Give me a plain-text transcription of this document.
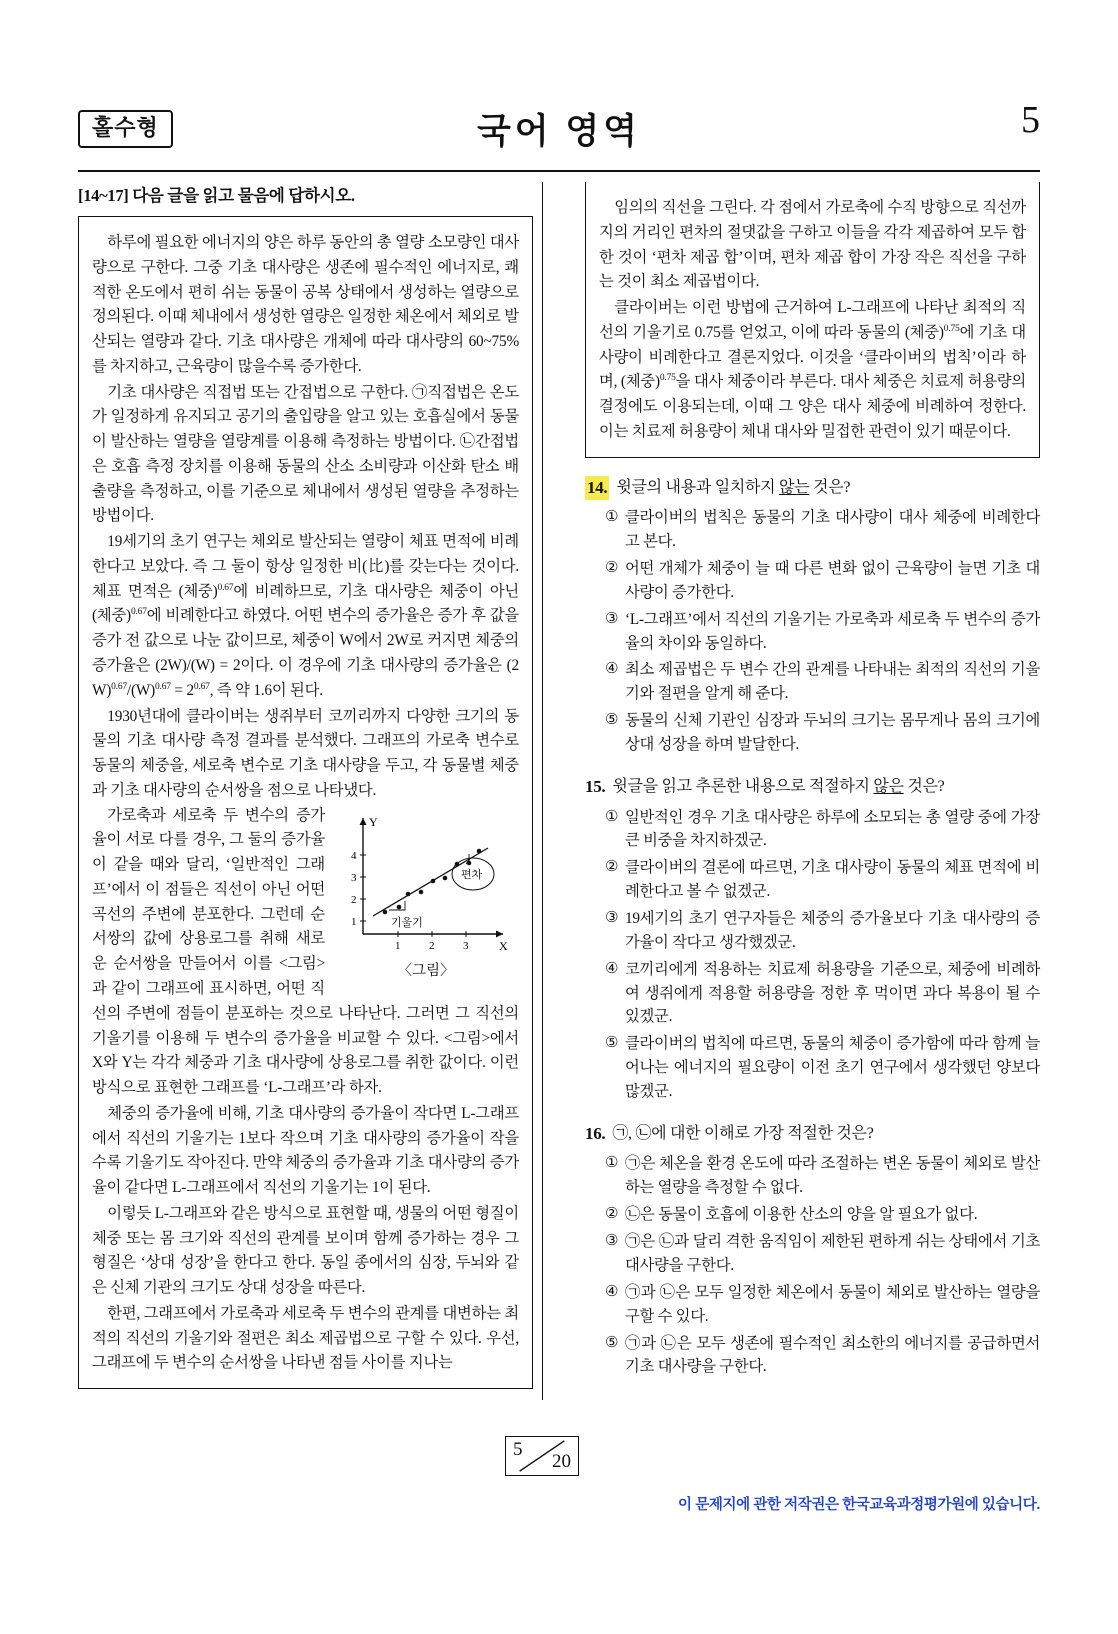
홀수형	국어 영역	5
[14~17] 다음 글을 읽고 물음에 답하시오.

하루에 필요한 에너지의 양은 하루 동안의 총 열량 소모량인 대사량으로 구한다. 그중 기초 대사량은 생존에 필수적인 에너지로, 쾌적한 온도에서 편히 쉬는 동물이 공복 상태에서 생성하는 열량으로 정의된다. 이때 체내에서 생성한 열량은 일정한 체온에서 체외로 발산되는 열량과 같다. 기초 대사량은 개체에 따라 대사량의 60~75%를 차지하고, 근육량이 많을수록 증가한다.

기초 대사량은 직접법 또는 간접법으로 구한다. ㉠직접법은 온도가 일정하게 유지되고 공기의 출입량을 알고 있는 호흡실에서 동물이 발산하는 열량을 열량계를 이용해 측정하는 방법이다. ㉡간접법은 호흡 측정 장치를 이용해 동물의 산소 소비량과 이산화 탄소 배출량을 측정하고, 이를 기준으로 체내에서 생성된 열량을 추정하는 방법이다.

19세기의 초기 연구는 체외로 발산되는 열량이 체표 면적에 비례한다고 보았다. 즉 그 둘이 항상 일정한 비(比)를 갖는다는 것이다. 체표 면적은 (체중)$^{0.67}$에 비례하므로, 기초 대사량은 체중이 아닌 (체중)$^{0.67}$에 비례한다고 하였다. 어떤 변수의 증가율은 증가 후 값을 증가 전 값으로 나눈 값이므로, 체중이 W에서 2W로 커지면 체중의 증가율은 (2W)/(W) = 2이다. 이 경우에 기초 대사량의 증가율은 $(2W)^{0.67}/(W)^{0.67} = 2^{0.67}$, 즉 약 1.6이 된다.

1930년대에 클라이버는 생쥐부터 코끼리까지 다양한 크기의 동물의 기초 대사량 측정 결과를 분석했다. 그래프의 가로축 변수로 동물의 체중을, 세로축 변수로 기초 대사량을 두고, 각 동물별 체중과 기초 대사량의 순서쌍을 점으로 나타냈다.

Y
X
1
2
3
4
1	2	3
편차
기울기
〈그림〉

가로축과 세로축 두 변수의 증가율이 서로 다를 경우, 그 둘의 증가율이 같을 때와 달리, ‘일반적인 그래프’에서 이 점들은 직선이 아닌 어떤 곡선의 주변에 분포한다. 그런데 순서쌍의 값에 상용로그를 취해 새로운 순서쌍을 만들어서 이를 <그림>과 같이 그래프에 표시하면, 어떤 직선의 주변에 점들이 분포하는 것으로 나타난다. 그러면 그 직선의 기울기를 이용해 두 변수의 증가율을 비교할 수 있다. <그림>에서 X와 Y는 각각 체중과 기초 대사량에 상용로그를 취한 값이다. 이런 방식으로 표현한 그래프를 ‘L-그래프’라 하자.

체중의 증가율에 비해, 기초 대사량의 증가율이 작다면 L-그래프에서 직선의 기울기는 1보다 작으며 기초 대사량의 증가율이 작을수록 기울기도 작아진다. 만약 체중의 증가율과 기초 대사량의 증가율이 같다면 L-그래프에서 직선의 기울기는 1이 된다.

이렇듯 L-그래프와 같은 방식으로 표현할 때, 생물의 어떤 형질이 체중 또는 몸 크기와 직선의 관계를 보이며 함께 증가하는 경우 그 형질은 ‘상대 성장’을 한다고 한다. 동일 종에서의 심장, 두뇌와 같은 신체 기관의 크기도 상대 성장을 따른다.

한편, 그래프에서 가로축과 세로축 두 변수의 관계를 대변하는 최적의 직선의 기울기와 절편은 최소 제곱법으로 구할 수 있다. 우선, 그래프에 두 변수의 순서쌍을 나타낸 점들 사이를 지나는

임의의 직선을 그린다. 각 점에서 가로축에 수직 방향으로 직선까지의 거리인 편차의 절댓값을 구하고 이들을 각각 제곱하여 모두 합한 것이 ‘편차 제곱 합’이며, 편차 제곱 합이 가장 작은 직선을 구하는 것이 최소 제곱법이다.

클라이버는 이런 방법에 근거하여 L-그래프에 나타난 최적의 직선의 기울기로 0.75를 얻었고, 이에 따라 동물의 (체중)$^{0.75}$에 기초 대사량이 비례한다고 결론지었다. 이것을 ‘클라이버의 법칙’이라 하며, (체중)$^{0.75}$을 대사 체중이라 부른다. 대사 체중은 치료제 허용량의 결정에도 이용되는데, 이때 그 양은 대사 체중에 비례하여 정한다. 이는 치료제 허용량이 체내 대사와 밀접한 관련이 있기 때문이다.

14. 윗글의 내용과 일치하지 않는 것은?
① 클라이버의 법칙은 동물의 기초 대사량이 대사 체중에 비례한다고 본다.
② 어떤 개체가 체중이 늘 때 다른 변화 없이 근육량이 늘면 기초 대사량이 증가한다.
③ ‘L-그래프’에서 직선의 기울기는 가로축과 세로축 두 변수의 증가율의 차이와 동일하다.
④ 최소 제곱법은 두 변수 간의 관계를 나타내는 최적의 직선의 기울기와 절편을 알게 해 준다.
⑤ 동물의 신체 기관인 심장과 두뇌의 크기는 몸무게나 몸의 크기에 상대 성장을 하며 발달한다.
15. 윗글을 읽고 추론한 내용으로 적절하지 않은 것은?
① 일반적인 경우 기초 대사량은 하루에 소모되는 총 열량 중에 가장 큰 비중을 차지하겠군.
② 클라이버의 결론에 따르면, 기초 대사량이 동물의 체표 면적에 비례한다고 볼 수 없겠군.
③ 19세기의 초기 연구자들은 체중의 증가율보다 기초 대사량의 증가율이 작다고 생각했겠군.
④ 코끼리에게 적용하는 치료제 허용량을 기준으로, 체중에 비례하여 생쥐에게 적용할 허용량을 정한 후 먹이면 과다 복용이 될 수 있겠군.
⑤ 클라이버의 법칙에 따르면, 동물의 체중이 증가함에 따라 함께 늘어나는 에너지의 필요량이 이전 초기 연구에서 생각했던 양보다 많겠군.
16. ㉠, ㉡에 대한 이해로 가장 적절한 것은?
① ㉠은 체온을 환경 온도에 따라 조절하는 변온 동물이 체외로 발산하는 열량을 측정할 수 없다.
② ㉡은 동물이 호흡에 이용한 산소의 양을 알 필요가 없다.
③ ㉠은 ㉡과 달리 격한 움직임이 제한된 편하게 쉬는 상태에서 기초 대사량을 구한다.
④ ㉠과 ㉡은 모두 일정한 체온에서 동물이 체외로 발산하는 열량을 구할 수 있다.
⑤ ㉠과 ㉡은 모두 생존에 필수적인 최소한의 에너지를 공급하면서 기초 대사량을 구한다.
5
20
이 문제지에 관한 저작권은 한국교육과정평가원에 있습니다.
